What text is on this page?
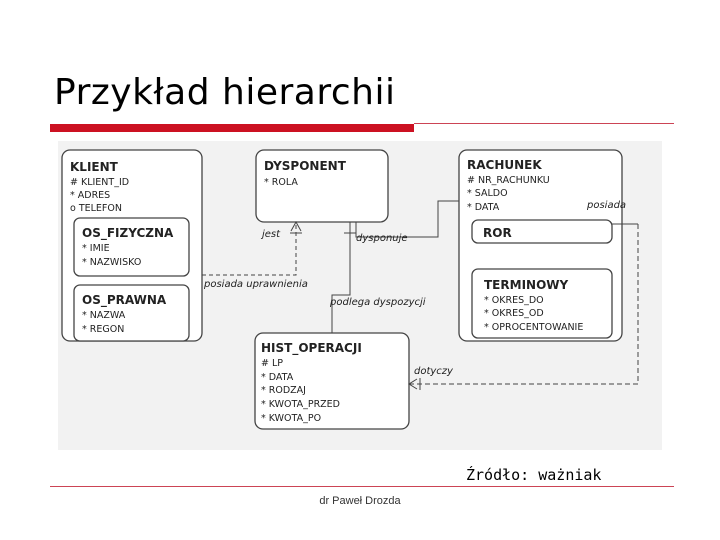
Przykład hierarchii
KLIENT
OS_FIZYCZNA
OS_PRAWNA
DYSPONENT	RACHUNEK
ROR
TERMINOWY
HIST_OPERACJI
# KLIENT_ID
* ADRES
o TELEFON
* IMIE
* NAZWISKO
* NAZWA
* REGON
* ROLA	# NR_RACHUNKU
* SALDO
* DATA
* OKRES_DO
* OKRES_OD
* OPROCENTOWANIE
# LP
* DATA
* RODZAJ
* KWOTA_PRZED
* KWOTA_PO
jest	dysponuje
posiada uprawnienia
podlega dyspozycji
posiada
dotyczy

Źródło: ważniak

dr Paweł Drozda
